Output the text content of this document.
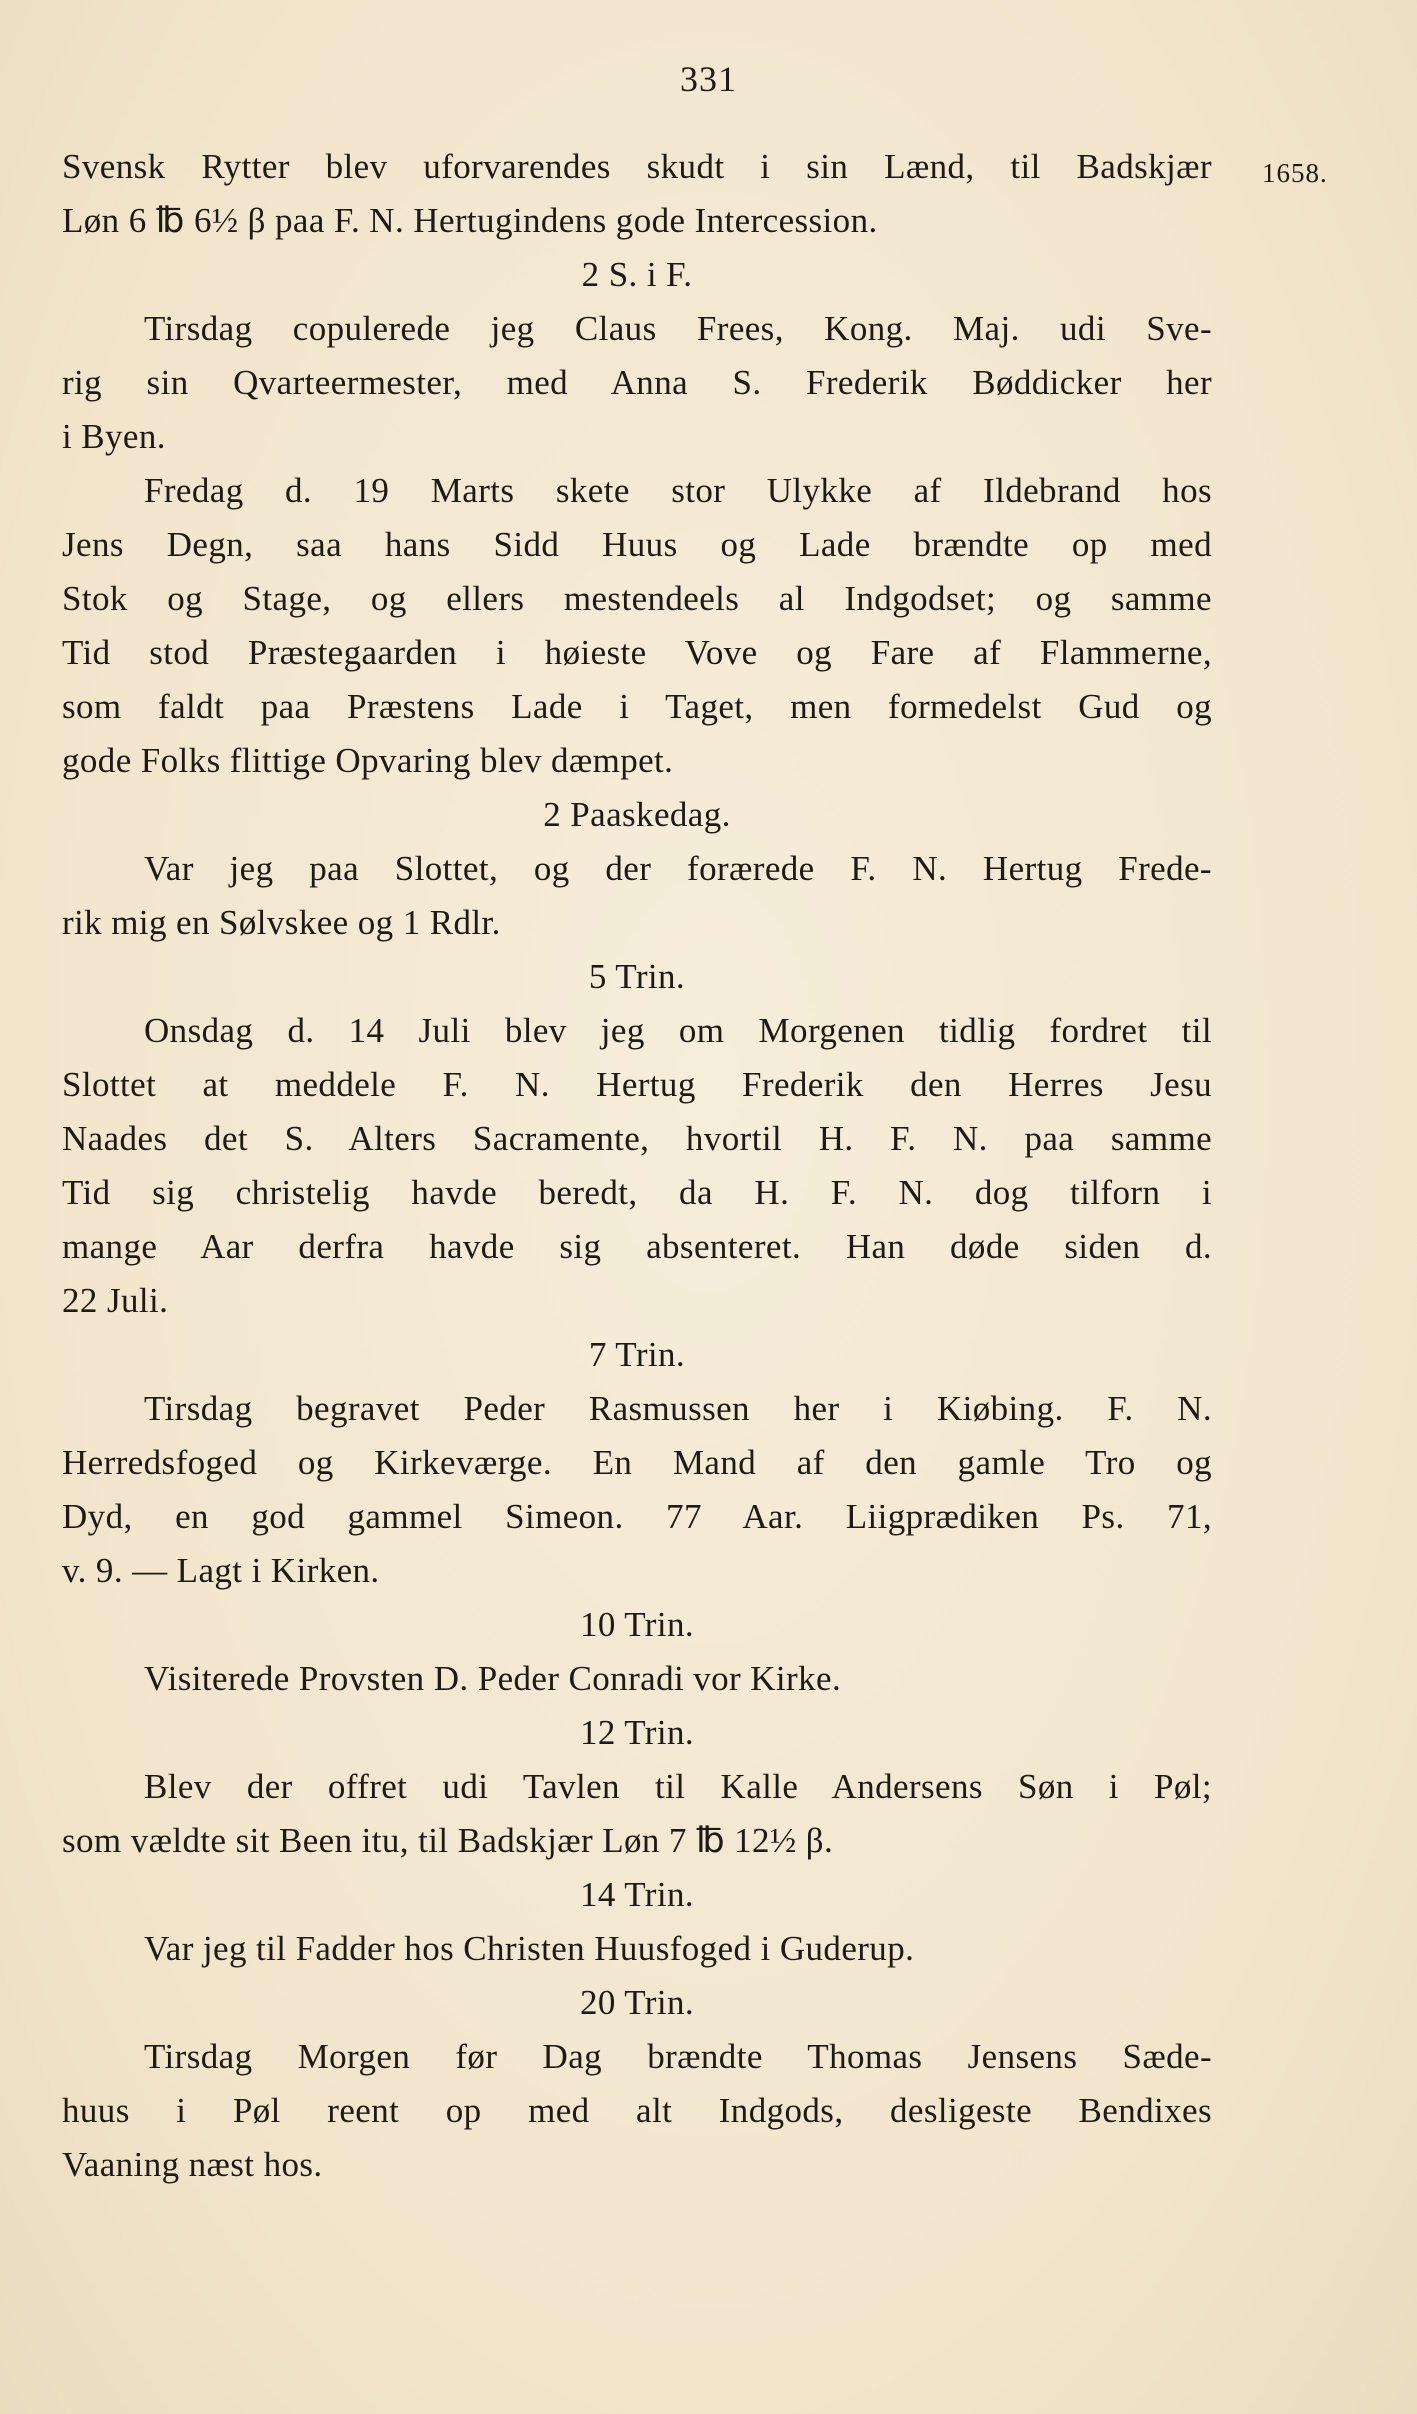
331
1658.
Svensk Rytter blev uforvarendes skudt i sin Lænd, til Badskjær
Løn 6 ℔ 6½ β paa F. N. Hertugindens gode Intercession.
2 S. i F.
Tirsdag copulerede jeg Claus Frees, Kong. Maj. udi Sve-
rig sin Qvarteermester, med Anna S. Frederik Bøddicker her
i Byen.
Fredag d. 19 Marts skete stor Ulykke af Ildebrand hos
Jens Degn, saa hans Sidd Huus og Lade brændte op med
Stok og Stage, og ellers mestendeels al Indgodset; og samme
Tid stod Præstegaarden i høieste Vove og Fare af Flammerne,
som faldt paa Præstens Lade i Taget, men formedelst Gud og
gode Folks flittige Opvaring blev dæmpet.
2 Paaskedag.
Var jeg paa Slottet, og der forærede F. N. Hertug Frede-
rik mig en Sølvskee og 1 Rdlr.
5 Trin.
Onsdag d. 14 Juli blev jeg om Morgenen tidlig fordret til
Slottet at meddele F. N. Hertug Frederik den Herres Jesu
Naades det S. Alters Sacramente, hvortil H. F. N. paa samme
Tid sig christelig havde beredt, da H. F. N. dog tilforn i
mange Aar derfra havde sig absenteret. Han døde siden d.
22 Juli.
7 Trin.
Tirsdag begravet Peder Rasmussen her i Kiøbing. F. N.
Herredsfoged og Kirkeværge. En Mand af den gamle Tro og
Dyd, en god gammel Simeon. 77 Aar. Liigprædiken Ps. 71,
v. 9. — Lagt i Kirken.
10 Trin.
Visiterede Provsten D. Peder Conradi vor Kirke.
12 Trin.
Blev der offret udi Tavlen til Kalle Andersens Søn i Pøl;
som vældte sit Been itu, til Badskjær Løn 7 ℔ 12½ β.
14 Trin.
Var jeg til Fadder hos Christen Huusfoged i Guderup.
20 Trin.
Tirsdag Morgen før Dag brændte Thomas Jensens Sæde-
huus i Pøl reent op med alt Indgods, desligeste Bendixes
Vaaning næst hos.
